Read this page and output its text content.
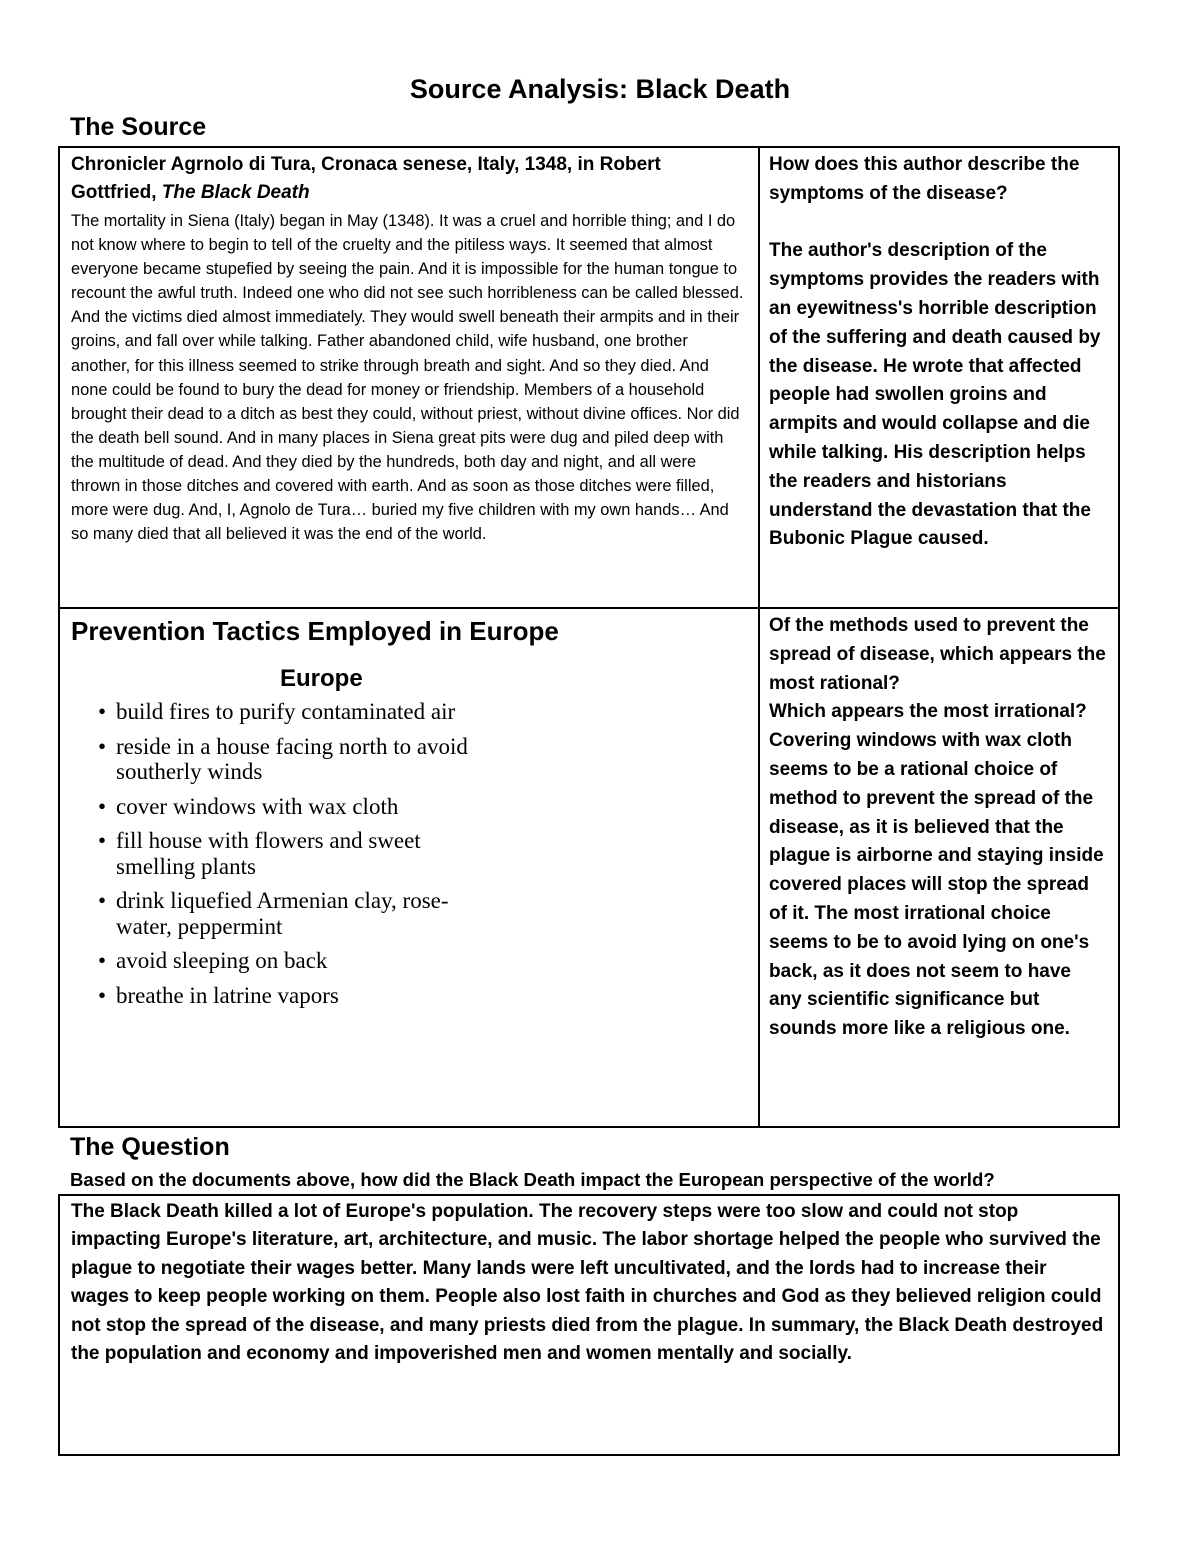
Source Analysis: Black Death
The Source
Chronicler Agrnolo di Tura, Cronaca senese, Italy, 1348, in Robert Gottfried, The Black Death
The mortality in Siena (Italy) began in May (1348). It was a cruel and horrible thing; and I do not know where to begin to tell of the cruelty and the pitiless ways. It seemed that almost everyone became stupefied by seeing the pain. And it is impossible for the human tongue to recount the awful truth. Indeed one who did not see such horribleness can be called blessed. And the victims died almost immediately. They would swell beneath their armpits and in their groins, and fall over while talking. Father abandoned child, wife husband, one brother another, for this illness seemed to strike through breath and sight. And so they died. And none could be found to bury the dead for money or friendship. Members of a household brought their dead to a ditch as best they could, without priest, without divine offices. Nor did the death bell sound. And in many places in Siena great pits were dug and piled deep with the multitude of dead. And they died by the hundreds, both day and night, and all were thrown in those ditches and covered with earth. And as soon as those ditches were filled, more were dug. And, I, Agnolo de Tura… buried my five children with my own hands… And so many died that all believed it was the end of the world.
How does this author describe the symptoms of the disease?
The author's description of the symptoms provides the readers with an eyewitness's horrible description of the suffering and death caused by the disease. He wrote that affected people had swollen groins and armpits and would collapse and die while talking. His description helps the readers and historians understand the devastation that the Bubonic Plague caused.
Prevention Tactics Employed in Europe
Europe
• build fires to purify contaminated air
• reside in a house facing north to avoid southerly winds
• cover windows with wax cloth
• fill house with flowers and sweet smelling plants
• drink liquefied Armenian clay, rose-water, peppermint
• avoid sleeping on back
• breathe in latrine vapors
Of the methods used to prevent the spread of disease, which appears the most rational?
Which appears the most irrational?
Covering windows with wax cloth seems to be a rational choice of method to prevent the spread of the disease, as it is believed that the plague is airborne and staying inside covered places will stop the spread of it. The most irrational choice seems to be to avoid lying on one's back, as it does not seem to have any scientific significance but sounds more like a religious one.
The Question
Based on the documents above, how did the Black Death impact the European perspective of the world?
The Black Death killed a lot of Europe's population. The recovery steps were too slow and could not stop impacting Europe's literature, art, architecture, and music. The labor shortage helped the people who survived the plague to negotiate their wages better. Many lands were left uncultivated, and the lords had to increase their wages to keep people working on them. People also lost faith in churches and God as they believed religion could not stop the spread of the disease, and many priests died from the plague. In summary, the Black Death destroyed the population and economy and impoverished men and women mentally and socially.
